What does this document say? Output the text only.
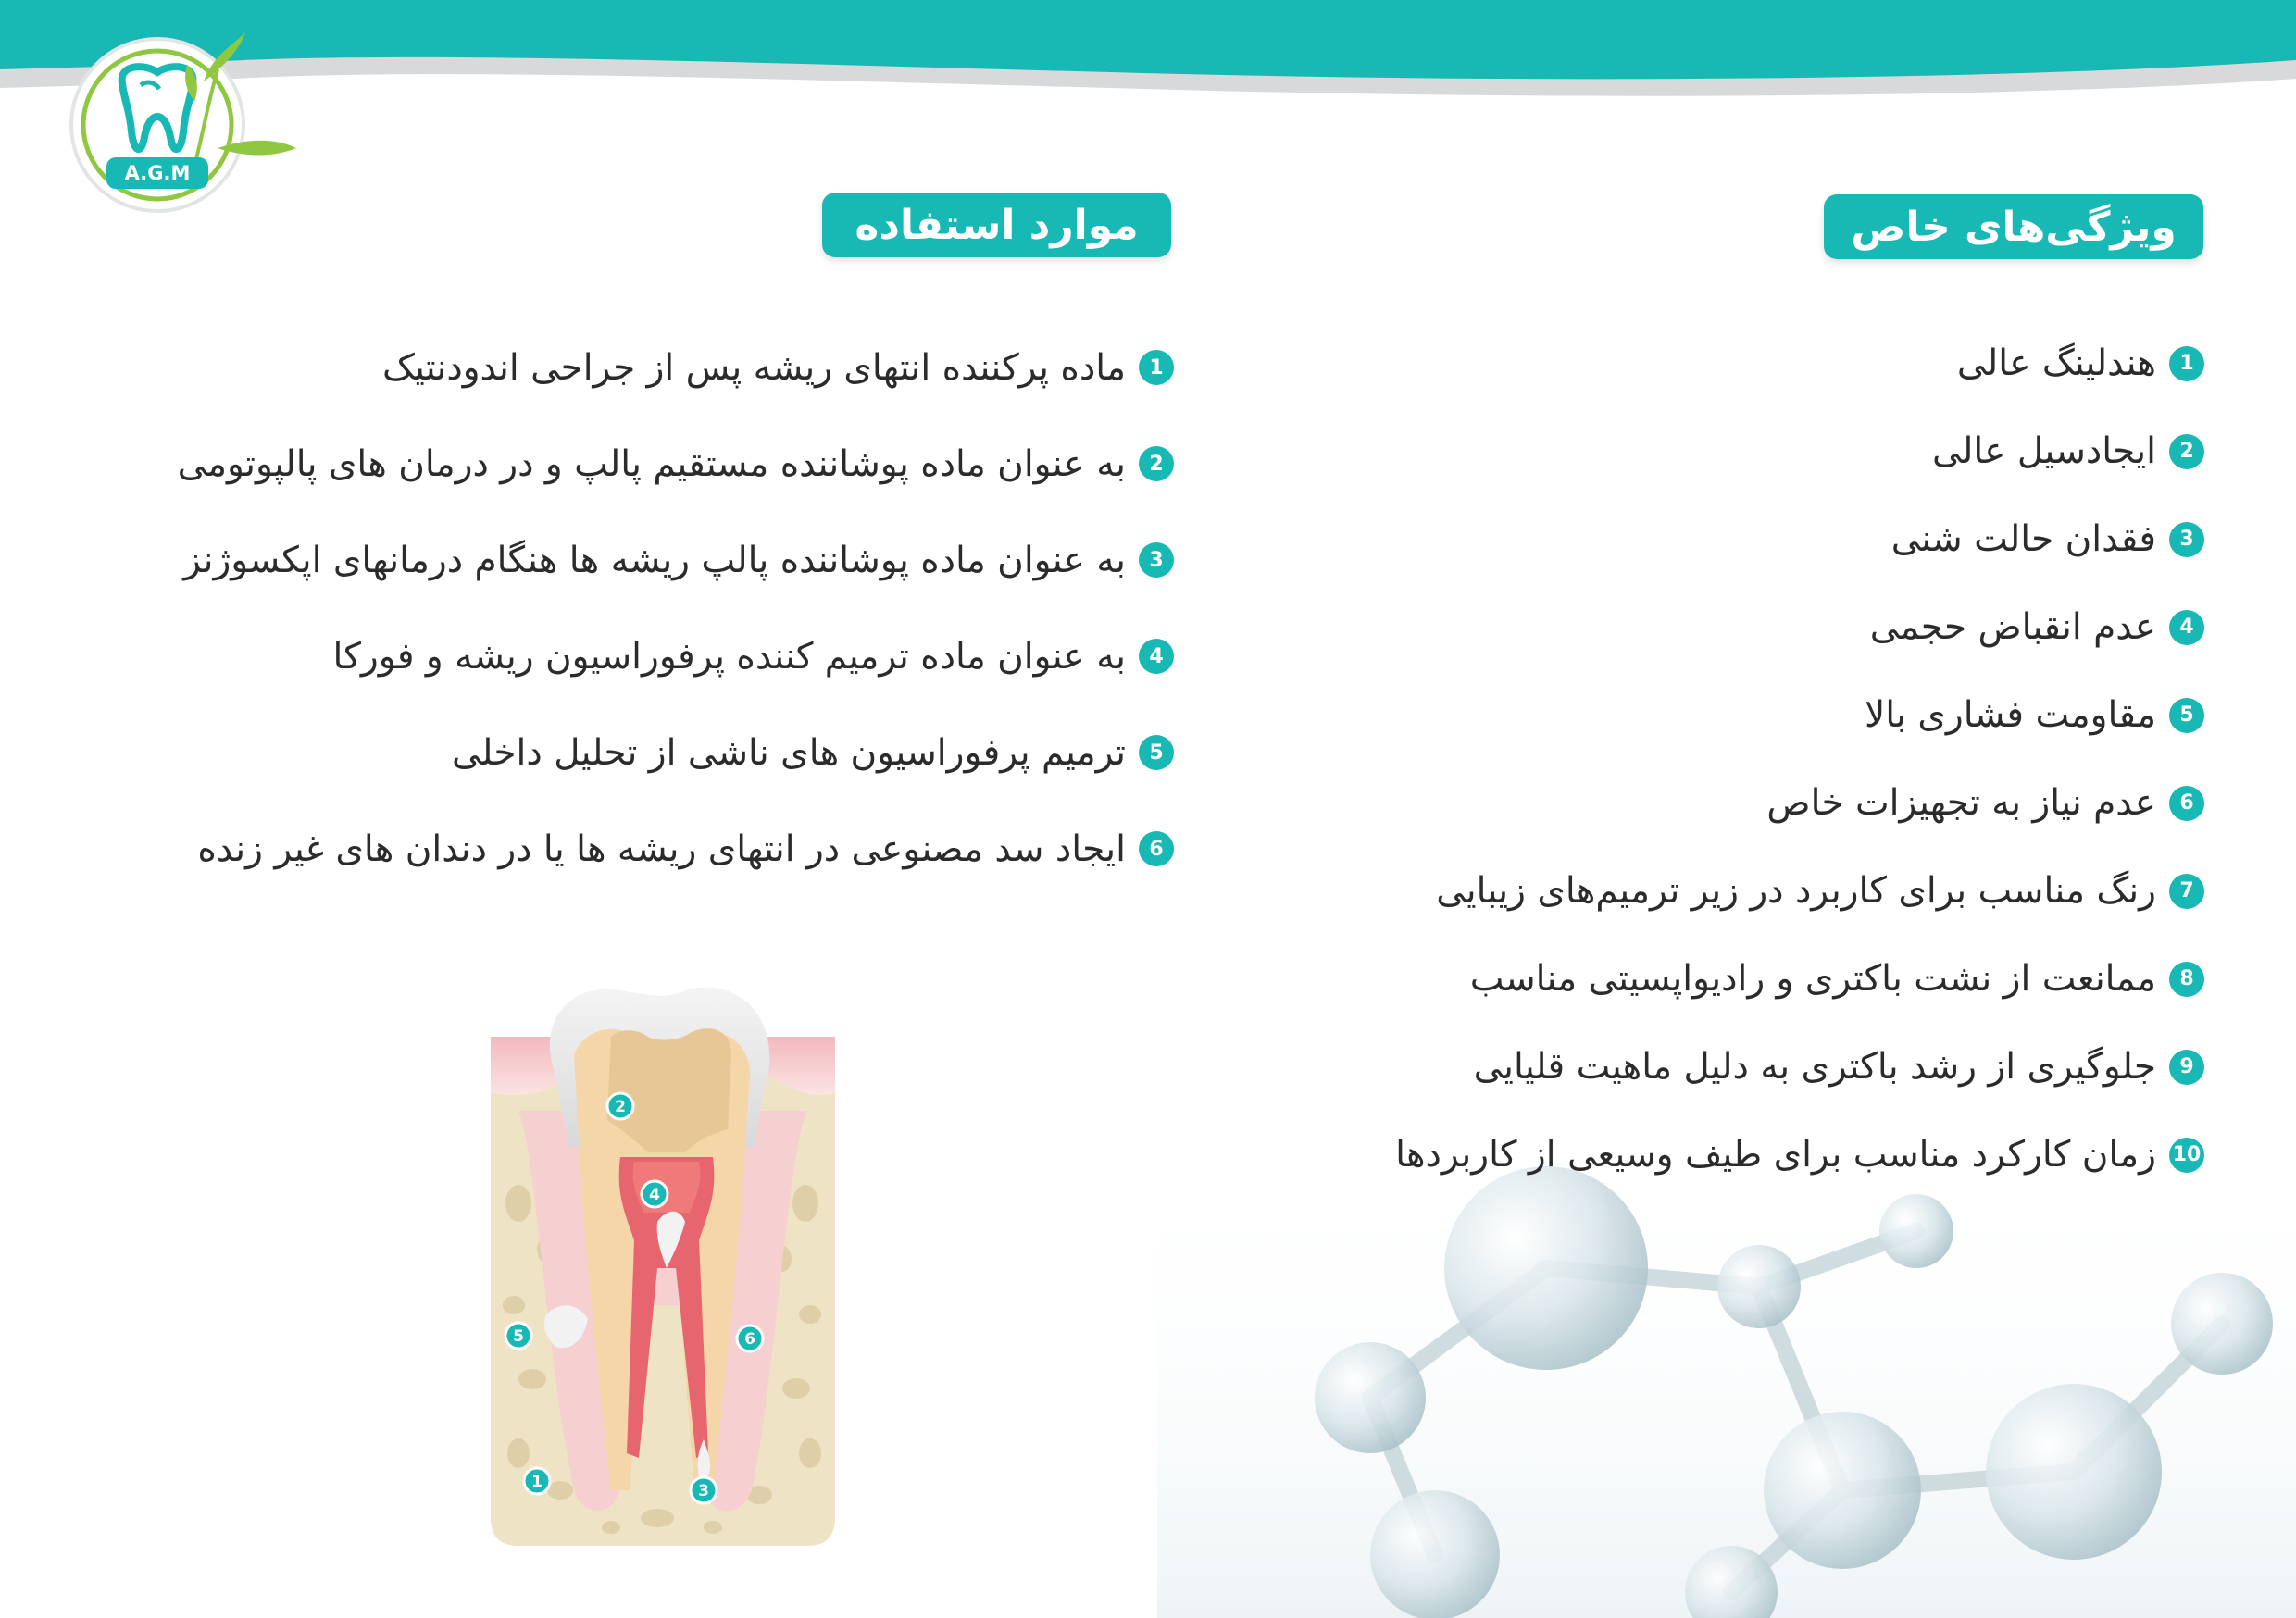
A.G.M
ویژگی‌های خاص
موارد استفاده
1
هندلینگ عالی
2
ایجادسیل عالی
3
فقدان حالت شنی
4
عدم انقباض حجمی
5
مقاومت فشاری بالا
6
عدم نیاز به تجهیزات خاص
7
رنگ مناسب برای کاربرد در زیر ترمیم‌های زیبایی
8
ممانعت از نشت باکتری و رادیواپسیتی مناسب
9
جلوگیری از رشد باکتری به دلیل ماهیت قلیایی
10
زمان کارکرد مناسب برای طیف وسیعی از کاربردها
1
ماده پرکننده انتهای ریشه پس از جراحی اندودنتیک
2
به عنوان ماده پوشاننده مستقیم پالپ و در درمان های پالپوتومی
3
به عنوان ماده پوشاننده پالپ ریشه ها هنگام درمانهای اپکسوژنز
4
به عنوان ماده ترمیم کننده پرفوراسیون ریشه و فورکا
5
ترمیم پرفوراسیون های ناشی از تحلیل داخلی
6
ایجاد سد مصنوعی در انتهای ریشه ها یا در دندان های غیر زنده
1
2
3
4
5	6
